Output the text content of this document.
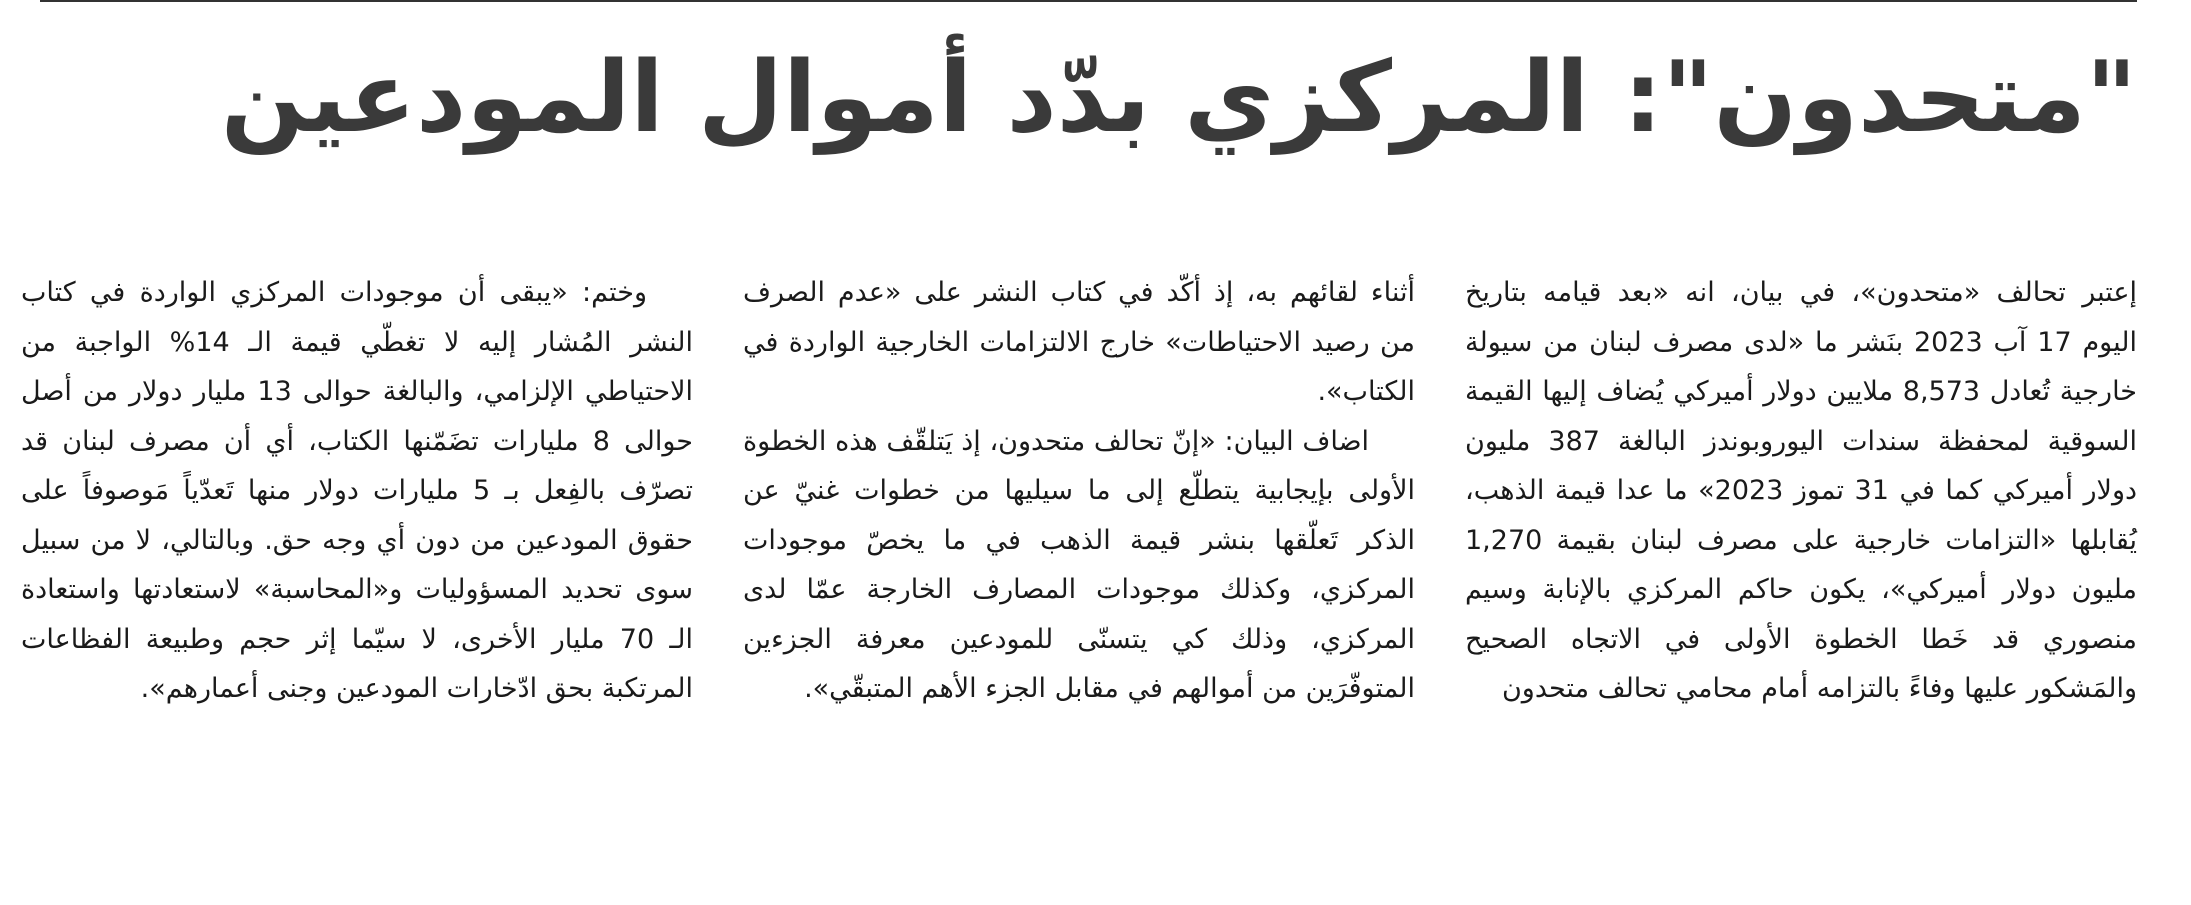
"متحدون": المركزي بدّد أموال المودعين

إعتبر تحالف «متحدون»، في بيان، انه «بعد قيامه بتاريخ اليوم 17 آب 2023 بنَشر ما «لدى مصرف لبنان من سيولة خارجية تُعادل 8,573 ملايين دولار أميركي يُضاف إليها القيمة السوقية لمحفظة سندات اليوروبوندز البالغة 387 مليون دولار أميركي كما في 31 تموز 2023» ما عدا قيمة الذهب، يُقابلها «التزامات خارجية على مصرف لبنان بقيمة 1,270 مليون دولار أميركي»، يكون حاكم المركزي بالإنابة وسيم منصوري قد خَطا الخطوة الأولى في الاتجاه الصحيح والمَشكور عليها وفاءً بالتزامه أمام محامي تحالف متحدون

أثناء لقائهم به، إذ أكّد في كتاب النشر على «عدم الصرف من رصيد الاحتياطات» خارج الالتزامات الخارجية الواردة في الكتاب».

اضاف البيان: «إنّ تحالف متحدون، إذ يَتلقّف هذه الخطوة الأولى بإيجابية يتطلّع إلى ما سيليها من خطوات غنيّ عن الذكر تَعلّقها بنشر قيمة الذهب في ما يخصّ موجودات المركزي، وكذلك موجودات المصارف الخارجة عمّا لدى المركزي، وذلك كي يتسنّى للمودعين معرفة الجزءين المتوفّرَين من أموالهم في مقابل الجزء الأهم المتبقّي».

وختم: «يبقى أن موجودات المركزي الواردة في كتاب النشر المُشار إليه لا تغطّي قيمة الـ 14% الواجبة من الاحتياطي الإلزامي، والبالغة حوالى 13 مليار دولار من أصل حوالى 8 مليارات تضَمّنها الكتاب، أي أن مصرف لبنان قد تصرّف بالفِعل بـ 5 مليارات دولار منها تَعدّياً مَوصوفاً على حقوق المودعين من دون أي وجه حق. وبالتالي، لا من سبيل سوى تحديد المسؤوليات و«المحاسبة» لاستعادتها واستعادة الـ 70 مليار الأخرى، لا سيّما إثر حجم وطبيعة الفظاعات المرتكبة بحق ادّخارات المودعين وجنى أعمارهم».
